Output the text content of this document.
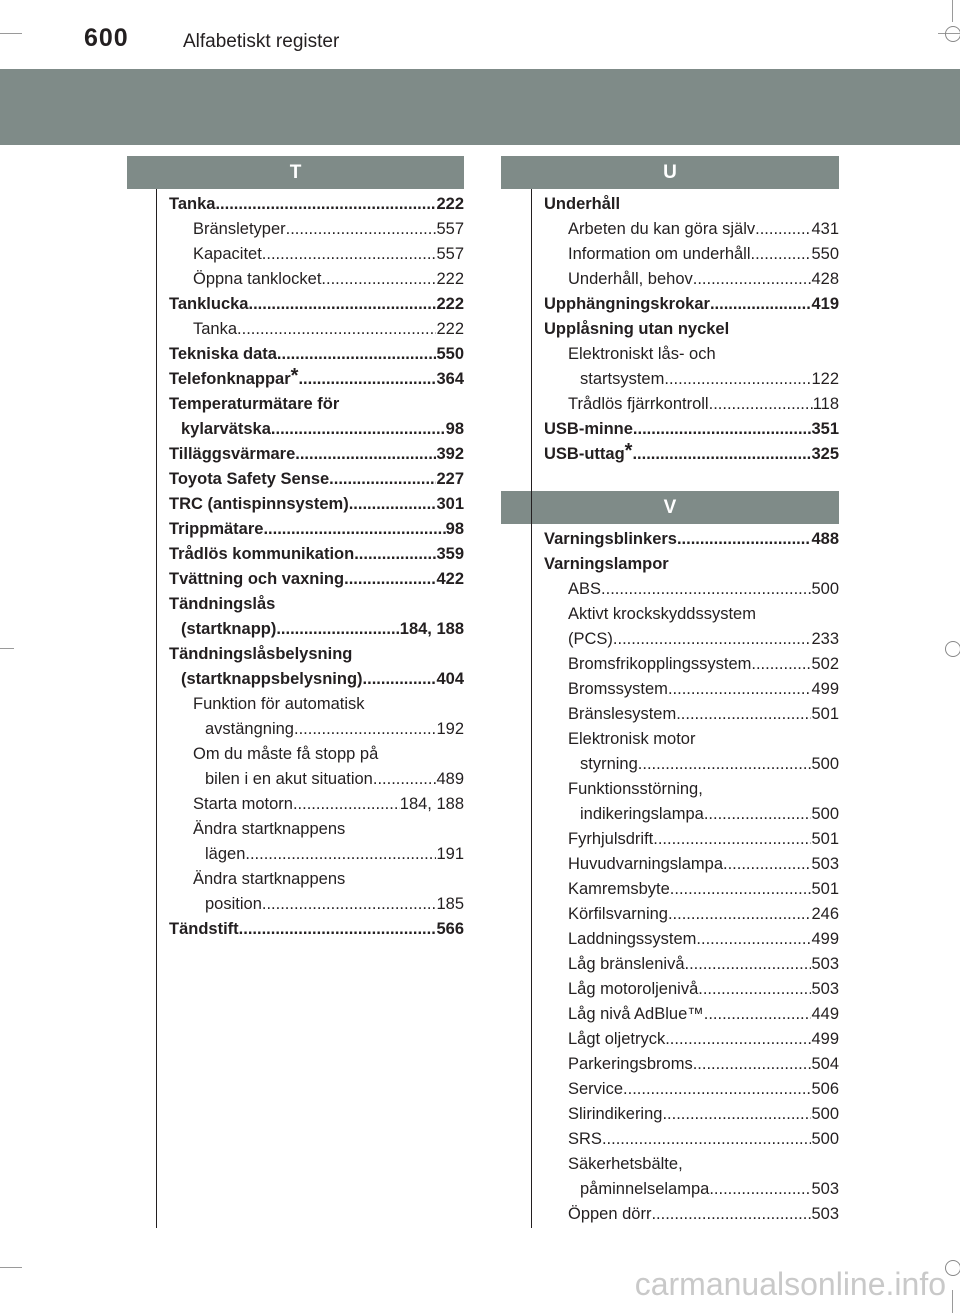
600	Alfabetiskt register
T	U
V
Tanka .....	222
Bränsletyper .....	557
Kapacitet .....	557
Öppna tanklocket .....	222
Tanklucka .....	222
Tanka .....	222
Tekniska data .....	550
Telefonknappar* .....	364
Temperaturmätare för
kylarvätska .....	98
Tilläggsvärmare .....	392
Toyota Safety Sense .....	227
TRC (antispinnsystem) .....	301
Trippmätare .....	98
Trådlös kommunikation .....	359
Tvättning och vaxning .....	422
Tändningslås
(startknapp) .....	184, 188
Tändningslåsbelysning
(startknappsbelysning) .....	404
Funktion för automatisk
avstängning .....	192
Om du måste få stopp på
bilen i en akut situation .....	489
Starta motorn .....	184, 188
Ändra startknappens
lägen .....	191
Ändra startknappens
position .....	185
Tändstift .....	566
Underhåll
Arbeten du kan göra själv .....	431
Information om underhåll .....	550
Underhåll, behov .....	428
Upphängningskrokar .....	419
Upplåsning utan nyckel
Elektroniskt lås- och
startsystem .....	122
Trådlös fjärrkontroll .....	118
USB-minne .....	351
USB-uttag* .....	325
Varningsblinkers .....	488
Varningslampor
ABS .....	500
Aktivt krockskyddssystem
(PCS) .....	233
Bromsfrikopplingssystem .....	502
Bromssystem .....	499
Bränslesystem .....	501
Elektronisk motor
styrning .....	500
Funktionsstörning,
indikeringslampa .....	500
Fyrhjulsdrift .....	501
Huvudvarningslampa .....	503
Kamremsbyte .....	501
Körfilsvarning .....	246
Laddningssystem .....	499
Låg bränslenivå .....	503
Låg motoroljenivå .....	503
Låg nivå AdBlue™ .....	449
Lågt oljetryck .....	499
Parkeringsbroms .....	504
Service .....	506
Slirindikering .....	500
SRS .....	500
Säkerhetsbälte,
påminnelselampa .....	503
Öppen dörr .....	503
carmanualsonline.info
